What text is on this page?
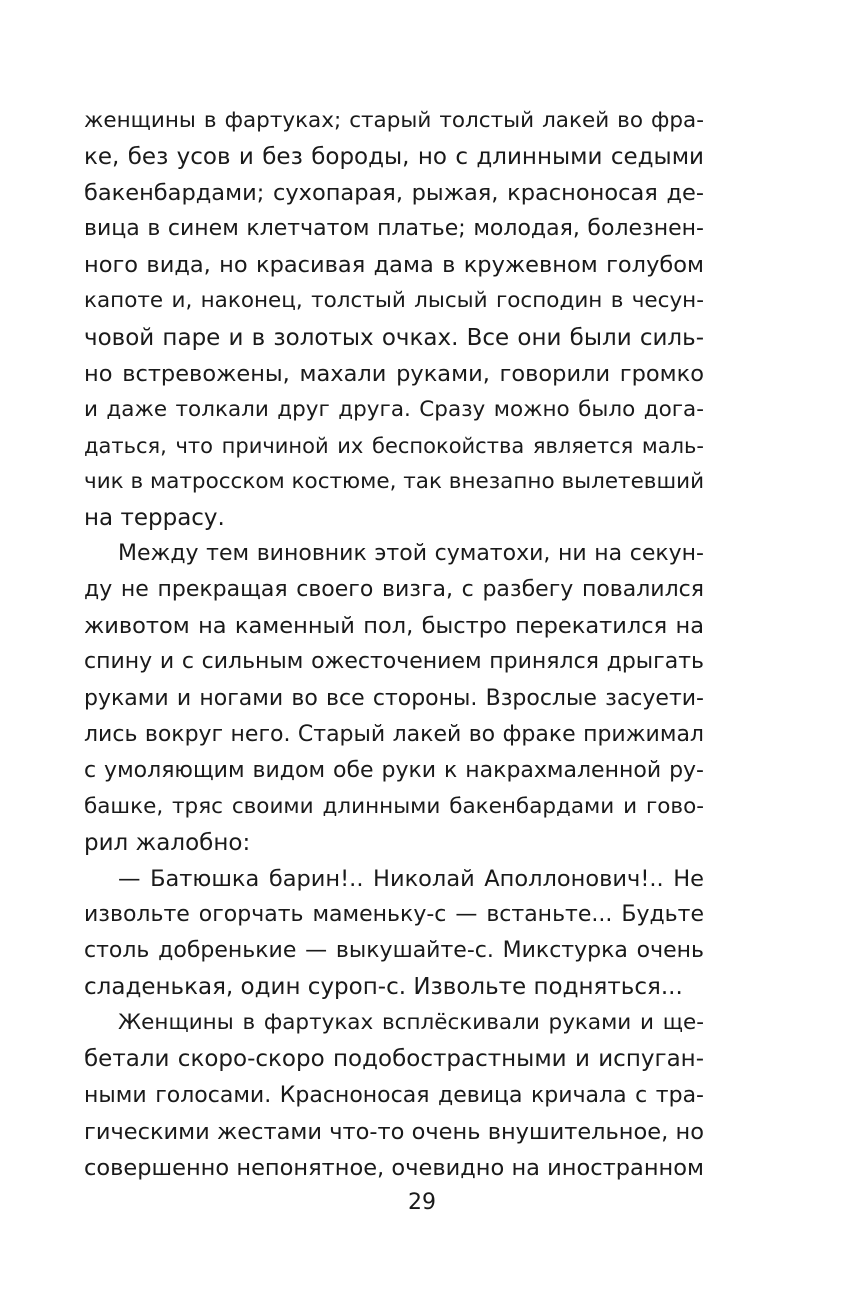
женщины в фартуках; старый толстый лакей во фра-
ке, без усов и без бороды, но с длинными седыми
бакенбардами; сухопарая, рыжая, красноносая де-
вица в синем клетчатом платье; молодая, болезнен-
ного вида, но красивая дама в кружевном голубом
капоте и, наконец, толстый лысый господин в чесун-
човой паре и в золотых очках. Все они были силь-
но встревожены, махали руками, говорили громко
и даже толкали друг друга. Сразу можно было дога-
даться, что причиной их беспокойства является маль-
чик в матросском костюме, так внезапно вылетевший
на террасу.
Между тем виновник этой суматохи, ни на секун-
ду не прекращая своего визга, с разбегу повалился
животом на каменный пол, быстро перекатился на
спину и с сильным ожесточением принялся дрыгать
руками и ногами во все стороны. Взрослые засуети-
лись вокруг него. Старый лакей во фраке прижимал
с умоляющим видом обе руки к накрахмаленной ру-
башке, тряс своими длинными бакенбардами и гово-
рил жалобно:
— Батюшка барин!.. Николай Аполлонович!.. Не
извольте огорчать маменьку-с — встаньте... Будьте
столь добренькие — выкушайте-с. Микстурка очень
сладенькая, один суроп-с. Извольте подняться...
Женщины в фартуках всплёскивали руками и ще-
бетали скоро-скоро подобострастными и испуган-
ными голосами. Красноносая девица кричала с тра-
гическими жестами что-то очень внушительное, но
совершенно непонятное, очевидно на иностранном
29
